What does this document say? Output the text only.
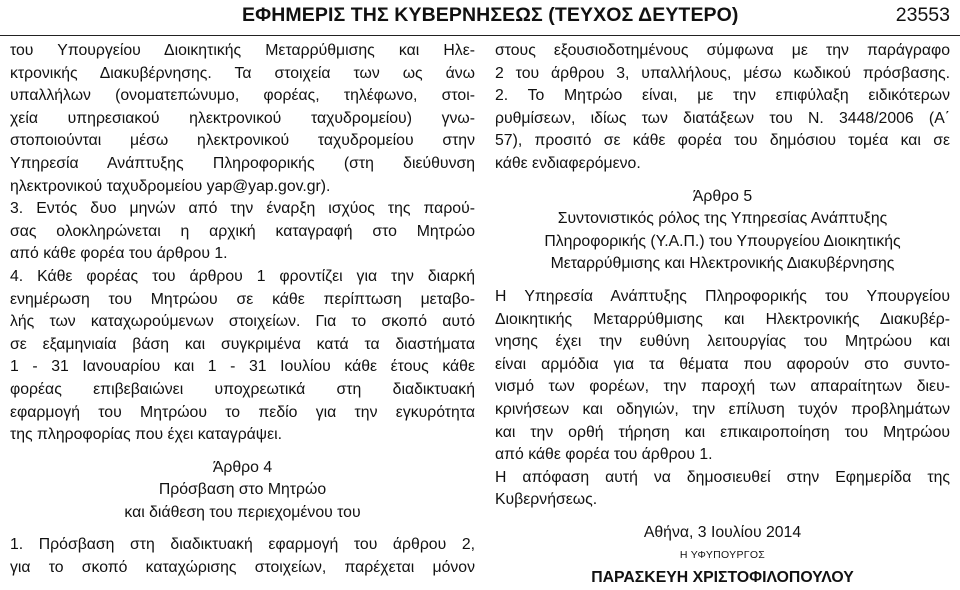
ΕΦΗΜΕΡΙΣ ΤΗΣ ΚΥΒΕΡΝΗΣΕΩΣ (ΤΕΥΧΟΣ ΔΕΥΤΕΡΟ)	23553
του Υπουργείου Διοικητικής Μεταρρύθμισης και Ηλε-
κτρονικής Διακυβέρνησης. Τα στοιχεία των ως άνω
υπαλλήλων (ονοματεπώνυμο, φορέας, τηλέφωνο, στοι-
χεία υπηρεσιακού ηλεκτρονικού ταχυδρομείου) γνω-
στοποιούνται μέσω ηλεκτρονικού ταχυδρομείου στην
Υπηρεσία Ανάπτυξης Πληροφορικής (στη διεύθυνση
ηλεκτρονικού ταχυδρομείου yap@yap.gov.gr).
3. Εντός δυο μηνών από την έναρξη ισχύος της παρού-
σας ολοκληρώνεται η αρχική καταγραφή στο Μητρώο
από κάθε φορέα του άρθρου 1.
4. Κάθε φορέας του άρθρου 1 φροντίζει για την διαρκή
ενημέρωση του Μητρώου σε κάθε περίπτωση μεταβο-
λής των καταχωρούμενων στοιχείων. Για το σκοπό αυτό
σε εξαμηνιαία βάση και συγκριμένα κατά τα διαστήματα
1 - 31 Ιανουαρίου και 1 - 31 Ιουλίου κάθε έτους κάθε
φορέας επιβεβαιώνει υποχρεωτικά στη διαδικτυακή
εφαρμογή του Μητρώου το πεδίο για την εγκυρότητα
της πληροφορίας που έχει καταγράψει.
Άρθρο 4
Πρόσβαση στο Μητρώο
και διάθεση του περιεχομένου του
1. Πρόσβαση στη διαδικτυακή εφαρμογή του άρθρου 2,
για το σκοπό καταχώρισης στοιχείων, παρέχεται μόνον
στους εξουσιοδοτημένους σύμφωνα με την παράγραφο
2 του άρθρου 3, υπαλλήλους, μέσω κωδικού πρόσβασης.
2. Το Μητρώο είναι, με την επιφύλαξη ειδικότερων
ρυθμίσεων, ιδίως των διατάξεων του Ν. 3448/2006 (Α΄
57), προσιτό σε κάθε φορέα του δημόσιου τομέα και σε
κάθε ενδιαφερόμενο.
Άρθρο 5
Συντονιστικός ρόλος της Υπηρεσίας Ανάπτυξης
Πληροφορικής (Υ.Α.Π.) του Υπουργείου Διοικητικής
Μεταρρύθμισης και Ηλεκτρονικής Διακυβέρνησης
Η Υπηρεσία Ανάπτυξης Πληροφορικής του Υπουργείου
Διοικητικής Μεταρρύθμισης και Ηλεκτρονικής Διακυβέρ-
νησης έχει την ευθύνη λειτουργίας του Μητρώου και
είναι αρμόδια για τα θέματα που αφορούν στο συντο-
νισμό των φορέων, την παροχή των απαραίτητων διευ-
κρινήσεων και οδηγιών, την επίλυση τυχόν προβλημάτων
και την ορθή τήρηση και επικαιροποίηση του Μητρώου
από κάθε φορέα του άρθρου 1.
Η απόφαση αυτή να δημοσιευθεί στην Εφημερίδα της
Κυβερνήσεως.
Αθήνα, 3 Ιουλίου 2014
Η ΥΦΥΠΟΥΡΓΟΣ
ΠΑΡΑΣΚΕΥΗ ΧΡΙΣΤΟΦΙΛΟΠΟΥΛΟΥ
